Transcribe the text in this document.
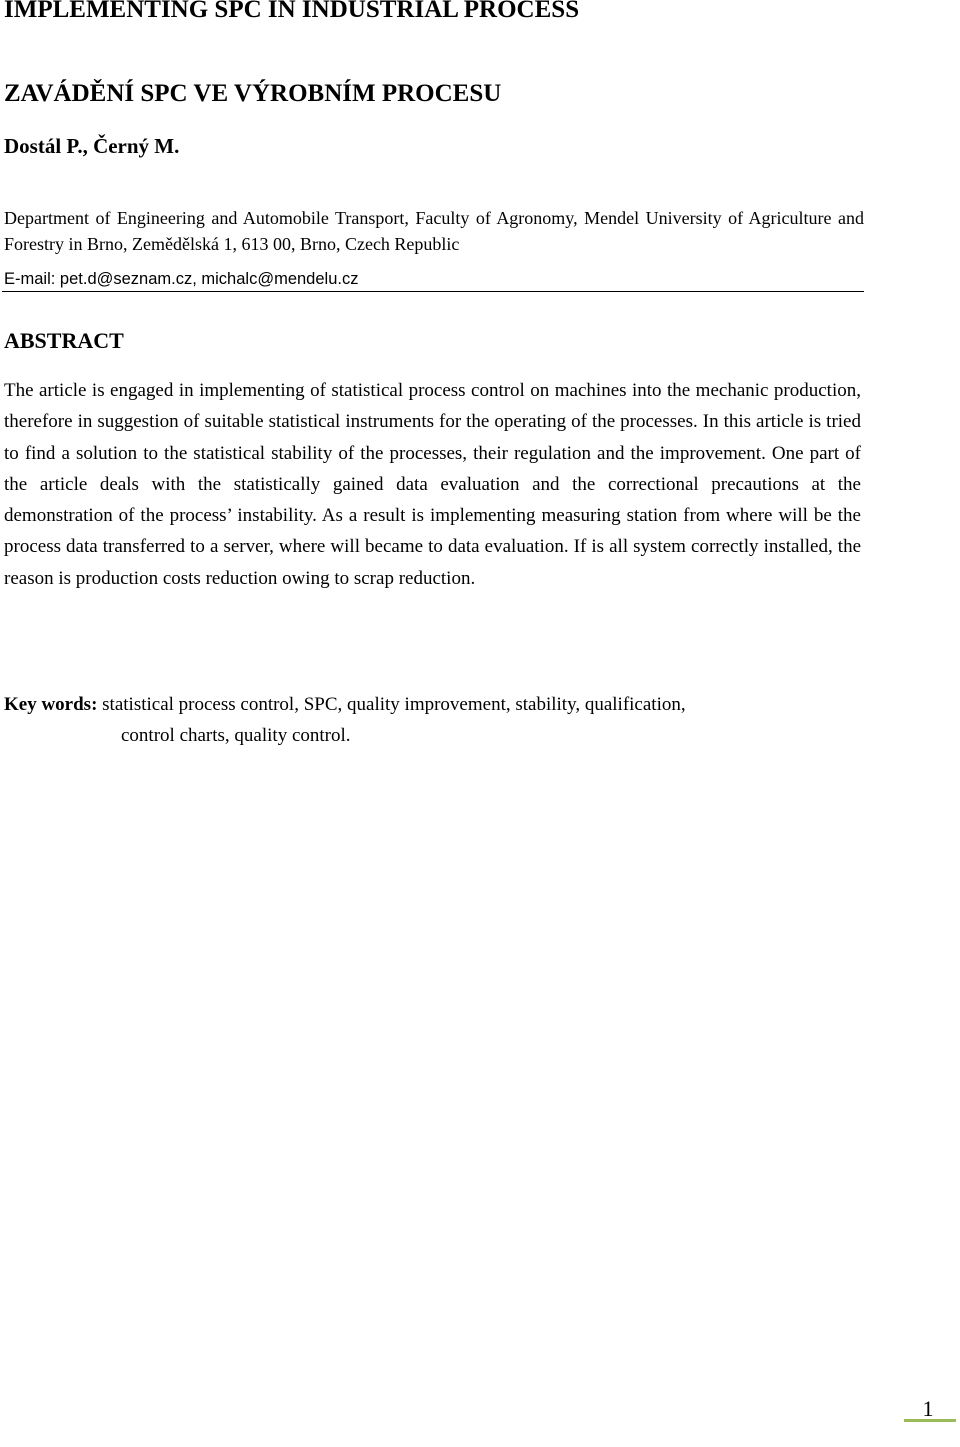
IMPLEMENTING SPC IN INDUSTRIAL PROCESS
ZAVÁDĚNÍ SPC VE VÝROBNÍM PROCESU
Dostál P., Černý M.
Department of Engineering and Automobile Transport, Faculty of Agronomy, Mendel University of Agriculture and Forestry in Brno, Zemědělská 1, 613 00, Brno, Czech Republic
E-mail: pet.d@seznam.cz, michalc@mendelu.cz
ABSTRACT

The article is engaged in implementing of statistical process control on machines into the mechanic production, therefore in suggestion of suitable statistical instruments for the operating of the processes. In this article is tried to find a solution to the statistical stability of the processes, their regulation and the improvement. One part of the article deals with the statistically gained data evaluation and the correctional precautions at the demonstration of the process’ instability. As a result is implementing measuring station from where will be the process data transferred to a server, where will became to data evaluation. If is all system correctly installed, the reason is production costs reduction owing to scrap reduction.

Key words: statistical process control, SPC, quality improvement, stability, qualification,
control charts, quality control.
1
